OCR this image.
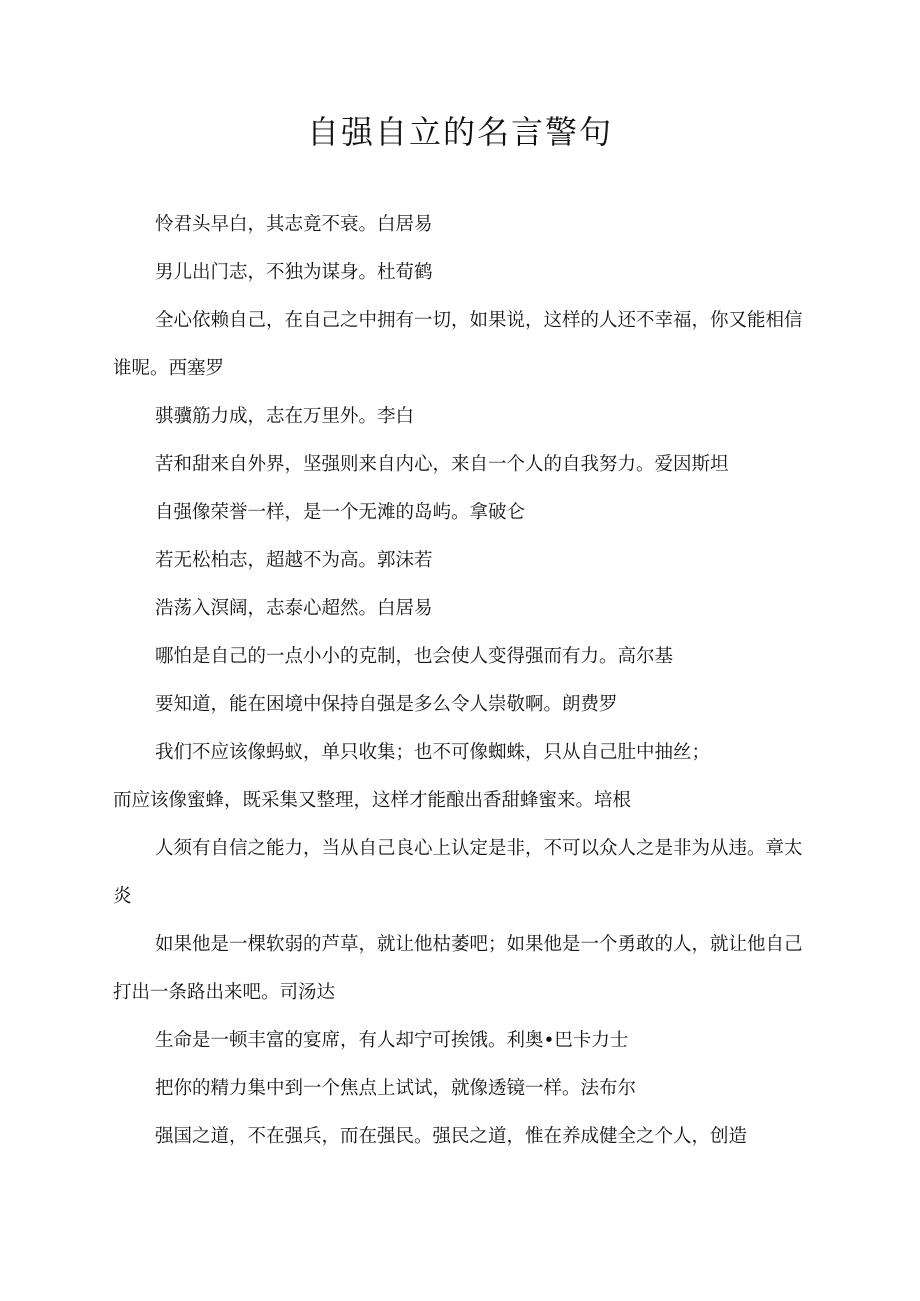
自强自立的名言警句

怜君头早白，其志竟不衰。白居易

男儿出门志，不独为谋身。杜荀鹤

全心依赖自己，在自己之中拥有一切，如果说，这样的人还不幸福，你又能相信谁呢。西塞罗

骐骥筋力成，志在万里外。李白

苦和甜来自外界，坚强则来自内心，来自一个人的自我努力。爱因斯坦

自强像荣誉一样，是一个无滩的岛屿。拿破仑

若无松柏志，超越不为高。郭沫若

浩荡入溟阔，志泰心超然。白居易

哪怕是自己的一点小小的克制，也会使人变得强而有力。高尔基

要知道，能在困境中保持自强是多么令人崇敬啊。朗费罗

我们不应该像蚂蚁，单只收集；也不可像蜘蛛，只从自己肚中抽丝；
而应该像蜜蜂，既采集又整理，这样才能酿出香甜蜂蜜来。培根

人须有自信之能力，当从自己良心上认定是非，不可以众人之是非为从违。章太炎

如果他是一棵软弱的芦草，就让他枯萎吧；如果他是一个勇敢的人，就让他自己打出一条路出来吧。司汤达

生命是一顿丰富的宴席，有人却宁可挨饿。利奥•巴卡力士

把你的精力集中到一个焦点上试试，就像透镜一样。法布尔

强国之道，不在强兵，而在强民。强民之道，惟在养成健全之个人，创造
